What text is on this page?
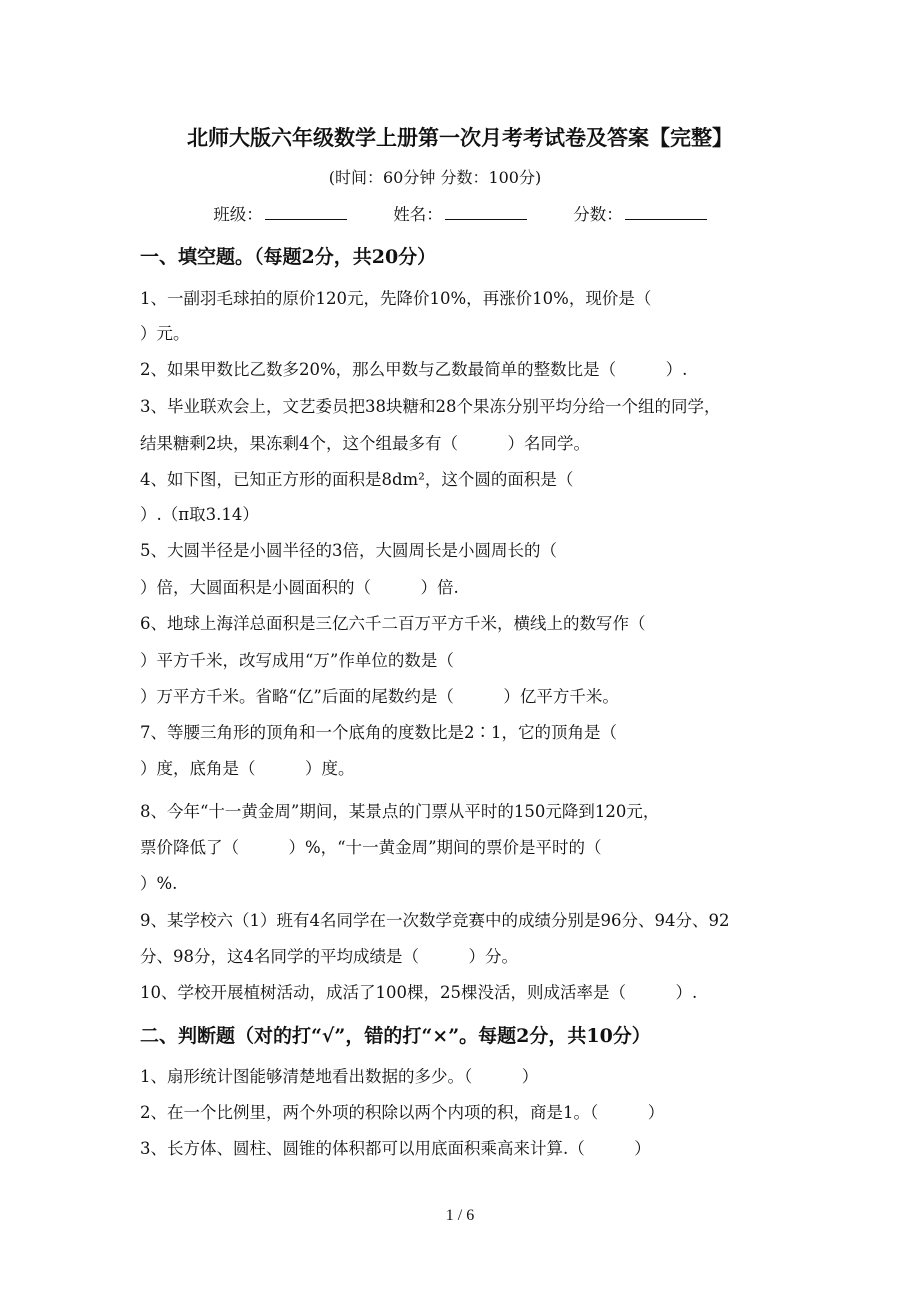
北师大版六年级数学上册第一次月考考试卷及答案【完整】
(时间：60分钟 分数：100分)
班级：	姓名：	分数：
一、填空题。（每题2分，共20分）
1、一副羽毛球拍的原价120元，先降价10%，再涨价10%，现价是（
）元。
2、如果甲数比乙数多20%，那么甲数与乙数最简单的整数比是（　　　）.
3、毕业联欢会上，文艺委员把38块糖和28个果冻分别平均分给一个组的同学，
结果糖剩2块，果冻剩4个，这个组最多有（　　　）名同学。
4、如下图，已知正方形的面积是8dm²，这个圆的面积是（
）.（π取3.14）
5、大圆半径是小圆半径的3倍，大圆周长是小圆周长的（
）倍，大圆面积是小圆面积的（　　　）倍.
6、地球上海洋总面积是三亿六千二百万平方千米，横线上的数写作（
）平方千米，改写成用“万”作单位的数是（
）万平方千米。省略“亿”后面的尾数约是（　　　）亿平方千米。
7、等腰三角形的顶角和一个底角的度数比是2∶1，它的顶角是（
）度，底角是（　　　）度。
8、今年“十一黄金周”期间，某景点的门票从平时的150元降到120元，
票价降低了（　　　）%，“十一黄金周”期间的票价是平时的（
）%.
9、某学校六（1）班有4名同学在一次数学竞赛中的成绩分别是96分、94分、92
分、98分，这4名同学的平均成绩是（　　　）分。
10、学校开展植树活动，成活了100棵，25棵没活，则成活率是（　　　）.
二、判断题（对的打“√”，错的打“×”。每题2分，共10分）
1、扇形统计图能够清楚地看出数据的多少。（　　　）
2、在一个比例里，两个外项的积除以两个内项的积，商是1。（　　　）
3、长方体、圆柱、圆锥的体积都可以用底面积乘高来计算.（　　　）
1 / 6
